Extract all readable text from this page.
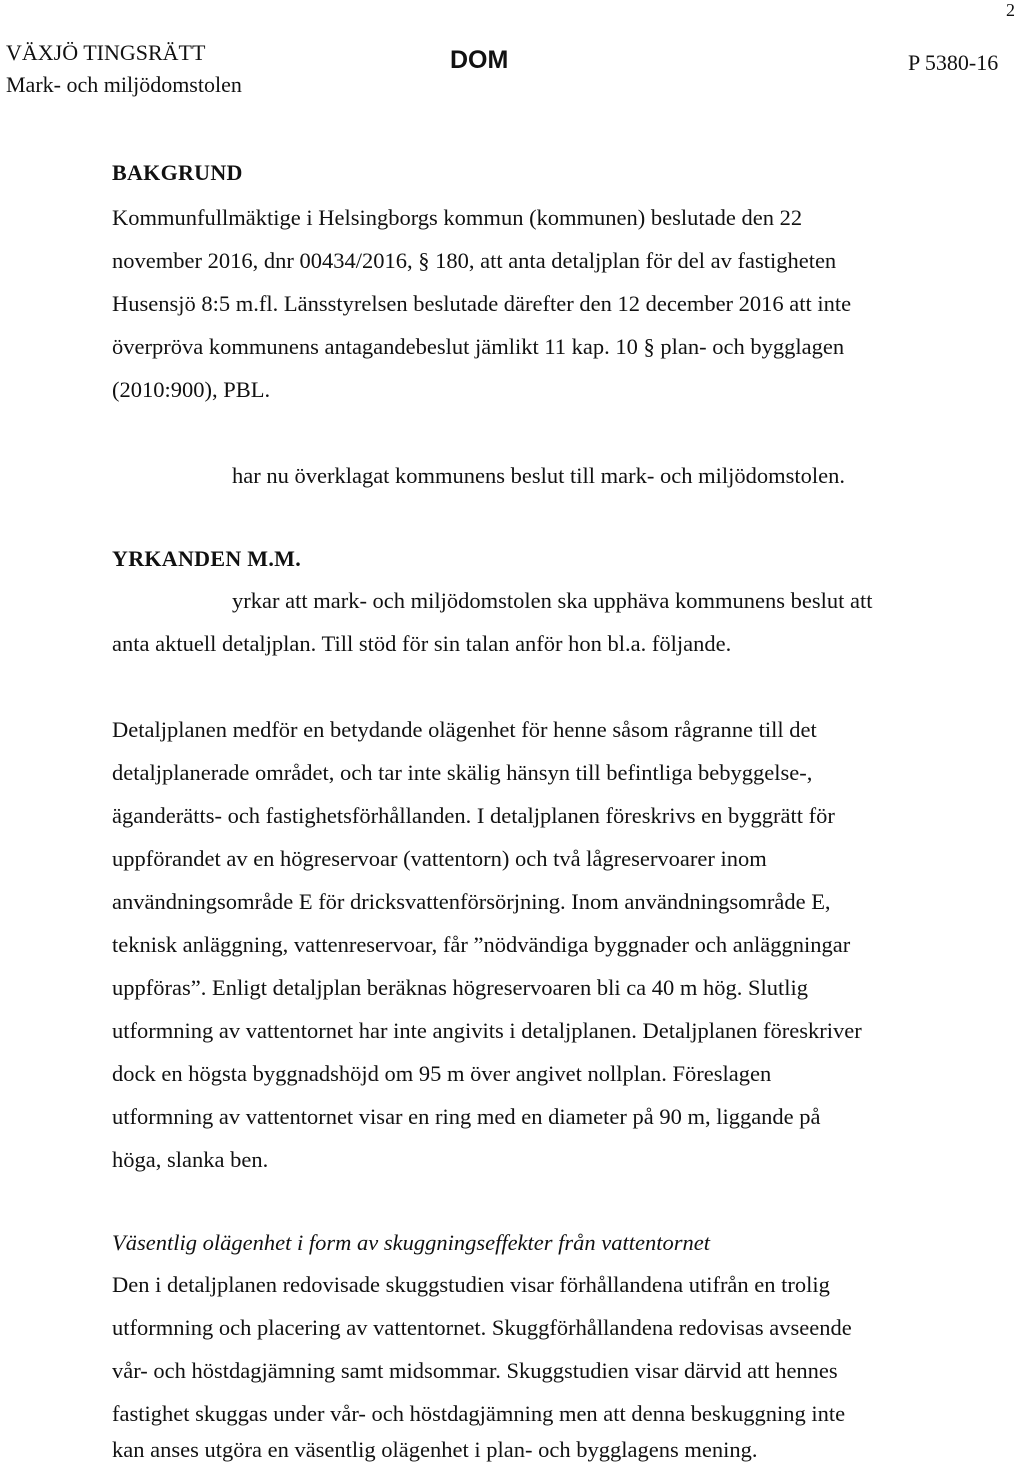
2
VÄXJÖ TINGSRÄTT
Mark- och miljödomstolen
DOM	P 5380-16
BAKGRUND
Kommunfullmäktige i Helsingborgs kommun (kommunen) beslutade den 22
november 2016, dnr 00434/2016, § 180, att anta detaljplan för del av fastigheten
Husensjö 8:5 m.fl. Länsstyrelsen beslutade därefter den 12 december 2016 att inte
överpröva kommunens antagandebeslut jämlikt 11 kap. 10 § plan- och bygglagen
(2010:900), PBL.
har nu överklagat kommunens beslut till mark- och miljödomstolen.
YRKANDEN M.M.
yrkar att mark- och miljödomstolen ska upphäva kommunens beslut att
anta aktuell detaljplan. Till stöd för sin talan anför hon bl.a. följande.
Detaljplanen medför en betydande olägenhet för henne såsom rågranne till det
detaljplanerade området, och tar inte skälig hänsyn till befintliga bebyggelse-,
äganderätts- och fastighetsförhållanden. I detaljplanen föreskrivs en byggrätt för
uppförandet av en högreservoar (vattentorn) och två lågreservoarer inom
användningsområde E för dricksvattenförsörjning. Inom användningsområde E,
teknisk anläggning, vattenreservoar, får ”nödvändiga byggnader och anläggningar
uppföras”. Enligt detaljplan beräknas högreservoaren bli ca 40 m hög. Slutlig
utformning av vattentornet har inte angivits i detaljplanen. Detaljplanen föreskriver
dock en högsta byggnadshöjd om 95 m över angivet nollplan. Föreslagen
utformning av vattentornet visar en ring med en diameter på 90 m, liggande på
höga, slanka ben.
Väsentlig olägenhet i form av skuggningseffekter från vattentornet
Den i detaljplanen redovisade skuggstudien visar förhållandena utifrån en trolig
utformning och placering av vattentornet. Skuggförhållandena redovisas avseende
vår- och höstdagjämning samt midsommar. Skuggstudien visar därvid att hennes
fastighet skuggas under vår- och höstdagjämning men att denna beskuggning inte
kan anses utgöra en väsentlig olägenhet i plan- och bygglagens mening.
